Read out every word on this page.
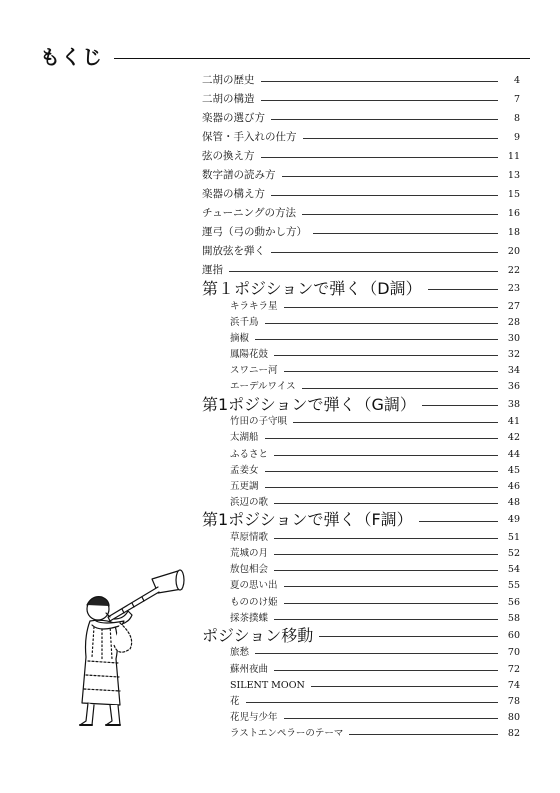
もくじ
二胡の歴史	4
二胡の構造	7
楽器の選び方	8
保管・手入れの仕方	9
弦の換え方	11
数字譜の読み方	13
楽器の構え方	15
チューニングの方法	16
運弓（弓の動かし方）	18
開放弦を弾く	20
運指	22
第１ポジションで弾く（D調）	23
キラキラ星	27
浜千鳥	28
摘椒	30
鳳陽花鼓	32
スワニー河	34
エーデルワイス	36
第1ポジションで弾く（G調）	38
竹田の子守唄	41
太湖船	42
ふるさと	44
孟姜女	45
五更調	46
浜辺の歌	48
第1ポジションで弾く（F調）	49
草原情歌	51
荒城の月	52
敖包相会	54
夏の思い出	55
もののけ姫	56
採茶撲蝶	58
ポジション移動	60
旅愁	70
蘇州夜曲	72
SILENT MOON	74
花	78
花児与少年	80
ラストエンペラーのテーマ	82
